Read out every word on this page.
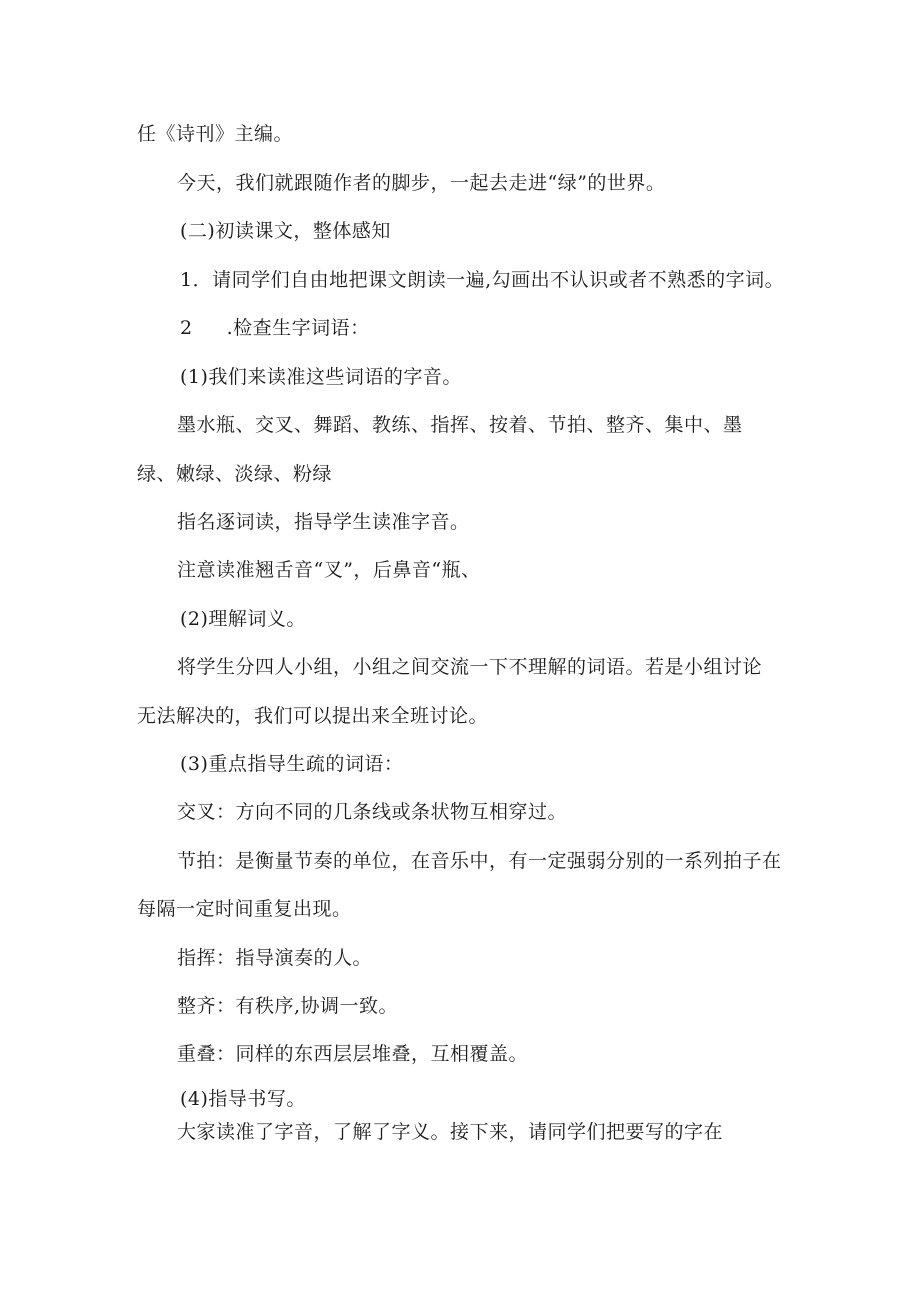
任《诗刊》主编。
今天，我们就跟随作者的脚步，一起去走进“绿”的世界。
(二)初读课文，整体感知
1．请同学们自由地把课文朗读一遍,勾画出不认识或者不熟悉的字词。
2 .检查生字词语：
(1)我们来读准这些词语的字音。
墨水瓶、交叉、舞蹈、教练、指挥、按着、节拍、整齐、集中、墨
绿、嫩绿、淡绿、粉绿
指名逐词读，指导学生读准字音。
注意读准翘舌音“叉”，后鼻音“瓶、
(2)理解词义。
将学生分四人小组，小组之间交流一下不理解的词语。若是小组讨论
无法解决的，我们可以提出来全班讨论。
(3)重点指导生疏的词语：
交叉：方向不同的几条线或条状物互相穿过。
节拍：是衡量节奏的单位，在音乐中，有一定强弱分别的一系列拍子在
每隔一定时间重复出现。
指挥：指导演奏的人。
整齐：有秩序,协调一致。
重叠：同样的东西层层堆叠，互相覆盖。
(4)指导书写。
大家读准了字音，了解了字义。接下来，请同学们把要写的字在
